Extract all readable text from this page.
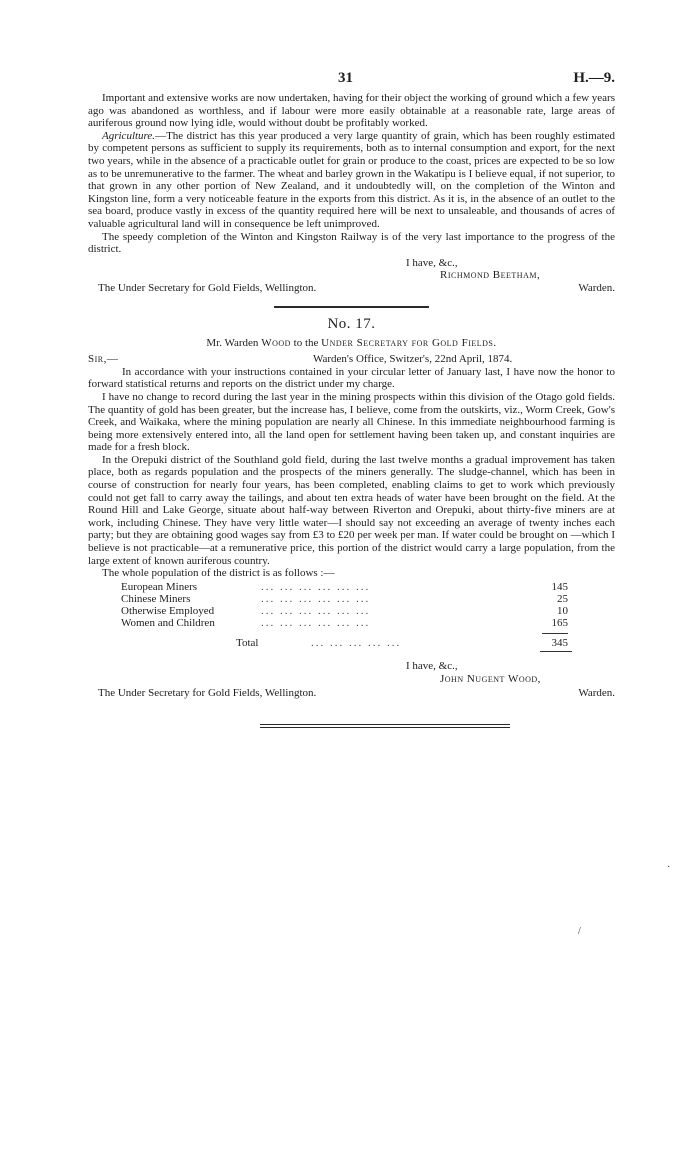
31	H.—9.

Important and extensive works are now undertaken, having for their object the working of ground which a few years ago was abandoned as worthless, and if labour were more easily obtainable at a reasonable rate, large areas of auriferous ground now lying idle, would without doubt be profitably worked.

Agriculture.—The district has this year produced a very large quantity of grain, which has been roughly estimated by competent persons as sufficient to supply its requirements, both as to internal consumption and export, for the next two years, while in the absence of a practicable outlet for grain or produce to the coast, prices are expected to be so low as to be unremunerative to the farmer. The wheat and barley grown in the Wakatipu is I believe equal, if not superior, to that grown in any other portion of New Zealand, and it undoubtedly will, on the completion of the Winton and Kingston line, form a very noticeable feature in the exports from this district. As it is, in the absence of an outlet to the sea board, produce vastly in excess of the quantity required here will be next to unsaleable, and thousands of acres of valuable agricultural land will in consequence be left unimproved.

The speedy completion of the Winton and Kingston Railway is of the very last importance to the progress of the district.

I have, &c.,
Richmond Beetham,
The Under Secretary for Gold Fields, Wellington.	Warden.
No. 17.
Mr. Warden Wood to the Under Secretary for Gold Fields.
Sir,—	Warden's Office, Switzer's, 22nd April, 1874.

In accordance with your instructions contained in your circular letter of January last, I have now the honor to forward statistical returns and reports on the district under my charge.

I have no change to record during the last year in the mining prospects within this division of the Otago gold fields. The quantity of gold has been greater, but the increase has, I believe, come from the outskirts, viz., Worm Creek, Gow's Creek, and Waikaka, where the mining population are nearly all Chinese. In this immediate neighbourhood farming is being more extensively entered into, all the land open for settlement having been taken up, and constant inquiries are made for a fresh block.

In the Orepuki district of the Southland gold field, during the last twelve months a gradual improvement has taken place, both as regards population and the prospects of the miners generally. The sludge-channel, which has been in course of construction for nearly four years, has been completed, enabling claims to get to work which previously could not get fall to carry away the tailings, and about ten extra heads of water have been brought on the field. At the Round Hill and Lake George, situate about half-way between Riverton and Orepuki, about thirty-five miners are at work, including Chinese. They have very little water—I should say not exceeding an average of twenty inches each party; but they are obtaining good wages say from £3 to £20 per week per man. If water could be brought on —which I believe is not practicable—at a remunerative price, this portion of the district would carry a large population, from the large extent of known auriferous country.

The whole population of the district is as follows :—

European Miners	... ... ... ... ... ...	145
Chinese Miners	... ... ... ... ... ...	25
Otherwise Employed	... ... ... ... ... ...	10
Women and Children	... ... ... ... ... ...	165
Total	... ... ... ... ...	345
I have, &c.,
John Nugent Wood,
The Under Secretary for Gold Fields, Wellington.	Warden.
·
/
